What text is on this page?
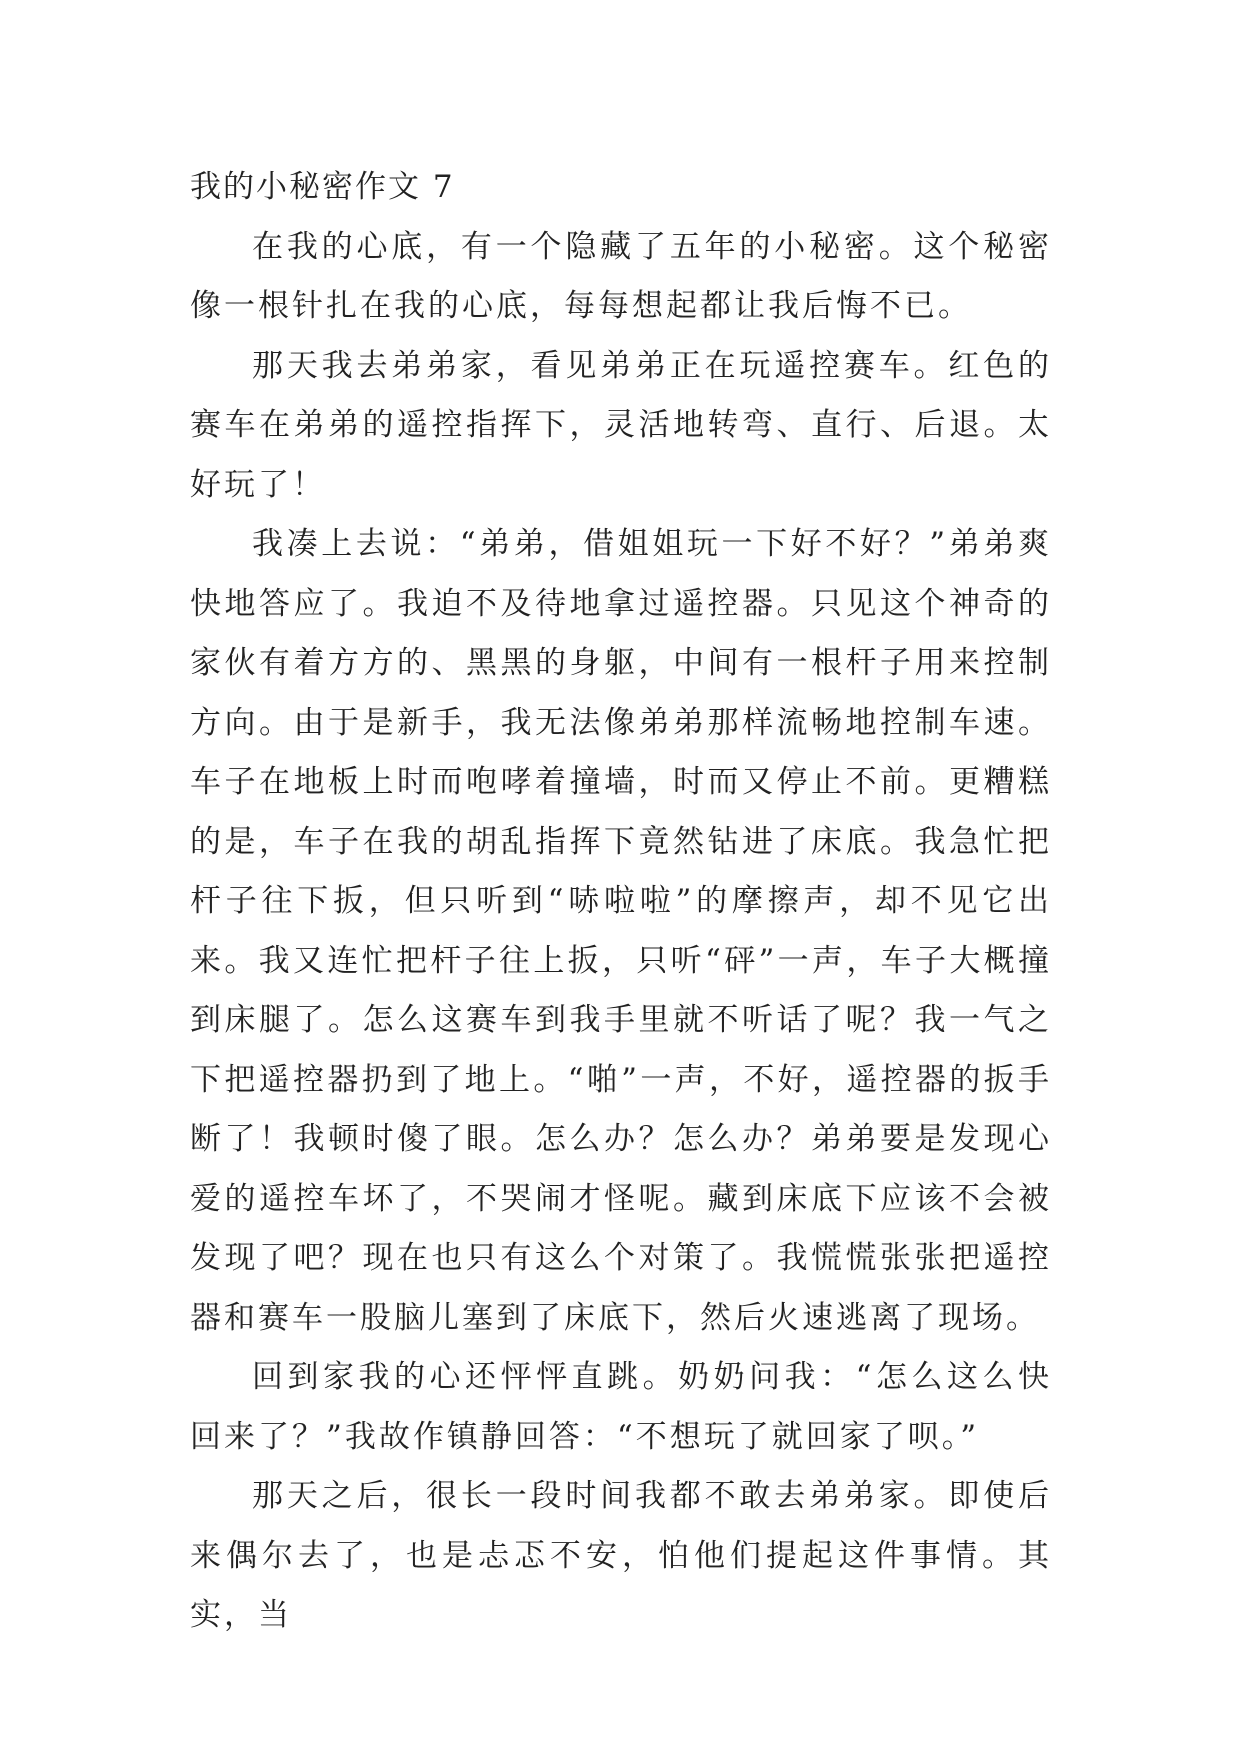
我的小秘密作文 7

在我的心底，有一个隐藏了五年的小秘密。这个秘密像一根针扎在我的心底，每每想起都让我后悔不已。

那天我去弟弟家，看见弟弟正在玩遥控赛车。红色的赛车在弟弟的遥控指挥下，灵活地转弯、直行、后退。太好玩了！

我凑上去说：“弟弟，借姐姐玩一下好不好？”弟弟爽快地答应了。我迫不及待地拿过遥控器。只见这个神奇的家伙有着方方的、黑黑的身躯，中间有一根杆子用来控制方向。由于是新手，我无法像弟弟那样流畅地控制车速。车子在地板上时而咆哮着撞墙，时而又停止不前。更糟糕的是，车子在我的胡乱指挥下竟然钻进了床底。我急忙把杆子往下扳，但只听到“哧啦啦”的摩擦声，却不见它出来。我又连忙把杆子往上扳，只听“砰”一声，车子大概撞到床腿了。怎么这赛车到我手里就不听话了呢？我一气之下把遥控器扔到了地上。“啪”一声，不好，遥控器的扳手断了！我顿时傻了眼。怎么办？怎么办？弟弟要是发现心爱的遥控车坏了，不哭闹才怪呢。藏到床底下应该不会被发现了吧？现在也只有这么个对策了。我慌慌张张把遥控器和赛车一股脑儿塞到了床底下，然后火速逃离了现场。

回到家我的心还怦怦直跳。奶奶问我：“怎么这么快回来了？”我故作镇静回答：“不想玩了就回家了呗。”

那天之后，很长一段时间我都不敢去弟弟家。即使后来偶尔去了，也是忐忑不安，怕他们提起这件事情。其实，当
